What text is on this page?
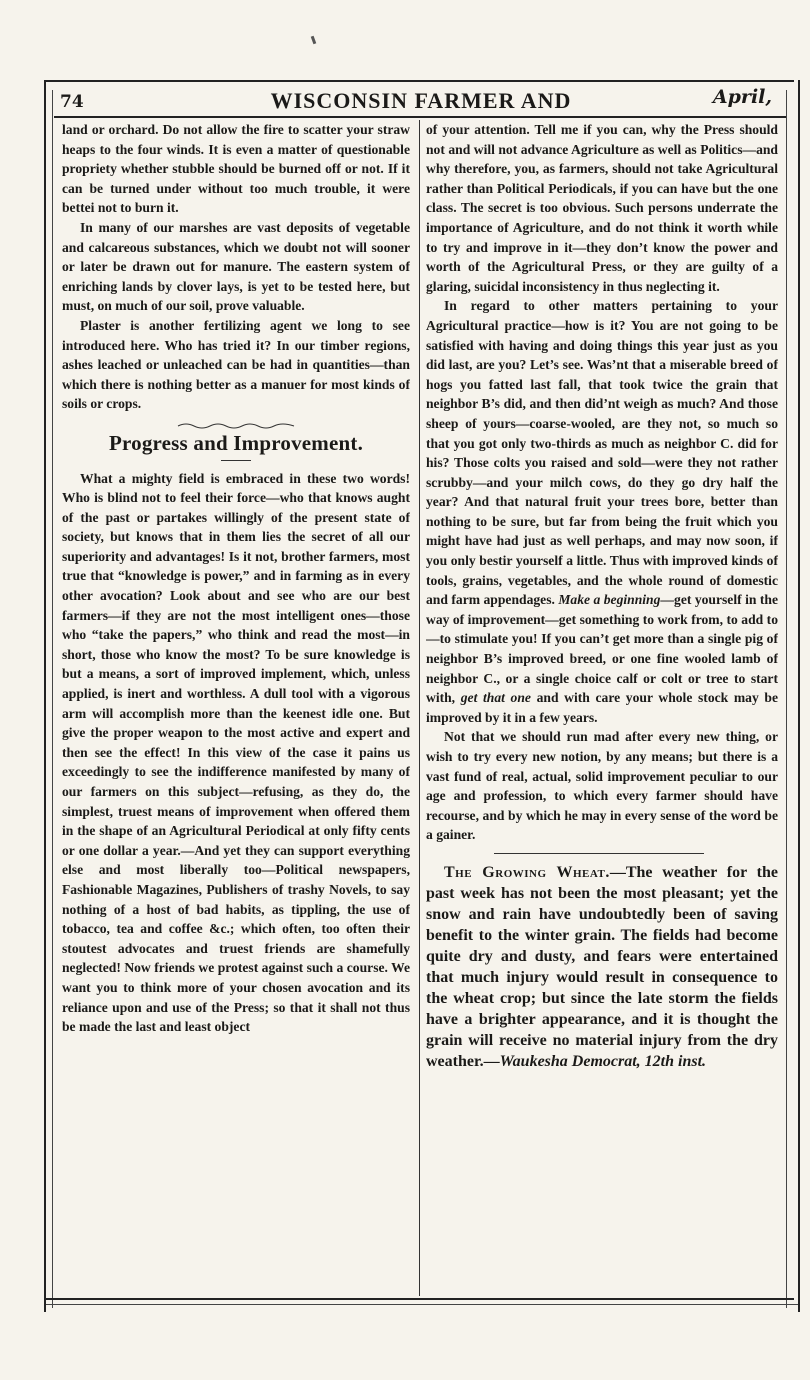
74	WISCONSIN FARMER AND	April,

land or orchard. Do not allow the fire to scatter your straw heaps to the four winds. It is even a matter of questionable propriety whether stubble should be burned off or not. If it can be turned under without too much trouble, it were bettei not to burn it.

In many of our marshes are vast deposits of vegetable and calcareous substances, which we doubt not will sooner or later be drawn out for manure. The eastern system of enriching lands by clover lays, is yet to be tested here, but must, on much of our soil, prove valuable.

Plaster is another fertilizing agent we long to see introduced here. Who has tried it? In our timber regions, ashes leached or unleached can be had in quantities—than which there is nothing better as a manuer for most kinds of soils or crops.

Progress and Improvement.

What a mighty field is embraced in these two words! Who is blind not to feel their force—who that knows aught of the past or partakes willingly of the present state of society, but knows that in them lies the secret of all our superiority and advantages! Is it not, brother farmers, most true that “knowledge is power,” and in farming as in every other avocation? Look about and see who are our best farmers—if they are not the most intelligent ones—those who “take the papers,” who think and read the most—in short, those who know the most? To be sure knowledge is but a means, a sort of improved implement, which, unless applied, is inert and worthless. A dull tool with a vigorous arm will accomplish more than the keenest idle one. But give the proper weapon to the most active and expert and then see the effect! In this view of the case it pains us exceedingly to see the indifference manifested by many of our farmers on this subject—refusing, as they do, the simplest, truest means of improvement when offered them in the shape of an Agricultural Periodical at only fifty cents or one dollar a year.—And yet they can support everything else and most liberally too—Political newspapers, Fashionable Magazines, Publishers of trashy Novels, to say nothing of a host of bad habits, as tippling, the use of tobacco, tea and coffee &c.; which often, too often their stoutest advocates and truest friends are shamefully neglected! Now friends we protest against such a course. We want you to think more of your chosen avocation and its reliance upon and use of the Press; so that it shall not thus be made the last and least object

of your attention. Tell me if you can, why the Press should not and will not advance Agriculture as well as Politics—and why therefore, you, as farmers, should not take Agricultural rather than Political Periodicals, if you can have but the one class. The secret is too obvious. Such persons underrate the importance of Agriculture, and do not think it worth while to try and improve in it—they don’t know the power and worth of the Agricultural Press, or they are guilty of a glaring, suicidal inconsistency in thus neglecting it.

In regard to other matters pertaining to your Agricultural practice—how is it? You are not going to be satisfied with having and doing things this year just as you did last, are you? Let’s see. Was’nt that a miserable breed of hogs you fatted last fall, that took twice the grain that neighbor B’s did, and then did’nt weigh as much? And those sheep of yours—coarse-wooled, are they not, so much so that you got only two-thirds as much as neighbor C. did for his? Those colts you raised and sold—were they not rather scrubby—and your milch cows, do they go dry half the year? And that natural fruit your trees bore, better than nothing to be sure, but far from being the fruit which you might have had just as well perhaps, and may now soon, if you only bestir yourself a little. Thus with improved kinds of tools, grains, vegetables, and the whole round of domestic and farm appendages. Make a beginning—get yourself in the way of improvement—get something to work from, to add to—to stimulate you! If you can’t get more than a single pig of neighbor B’s improved breed, or one fine wooled lamb of neighbor C., or a single choice calf or colt or tree to start with, get that one and with care your whole stock may be improved by it in a few years.

Not that we should run mad after every new thing, or wish to try every new notion, by any means; but there is a vast fund of real, actual, solid improvement peculiar to our age and profession, to which every farmer should have recourse, and by which he may in every sense of the word be a gainer.

The Growing Wheat.—The weather for the past week has not been the most pleasant; yet the snow and rain have undoubtedly been of saving benefit to the winter grain. The fields had become quite dry and dusty, and fears were entertained that much injury would result in consequence to the wheat crop; but since the late storm the fields have a brighter appearance, and it is thought the grain will receive no material injury from the dry weather.—Waukesha Democrat, 12th inst.
